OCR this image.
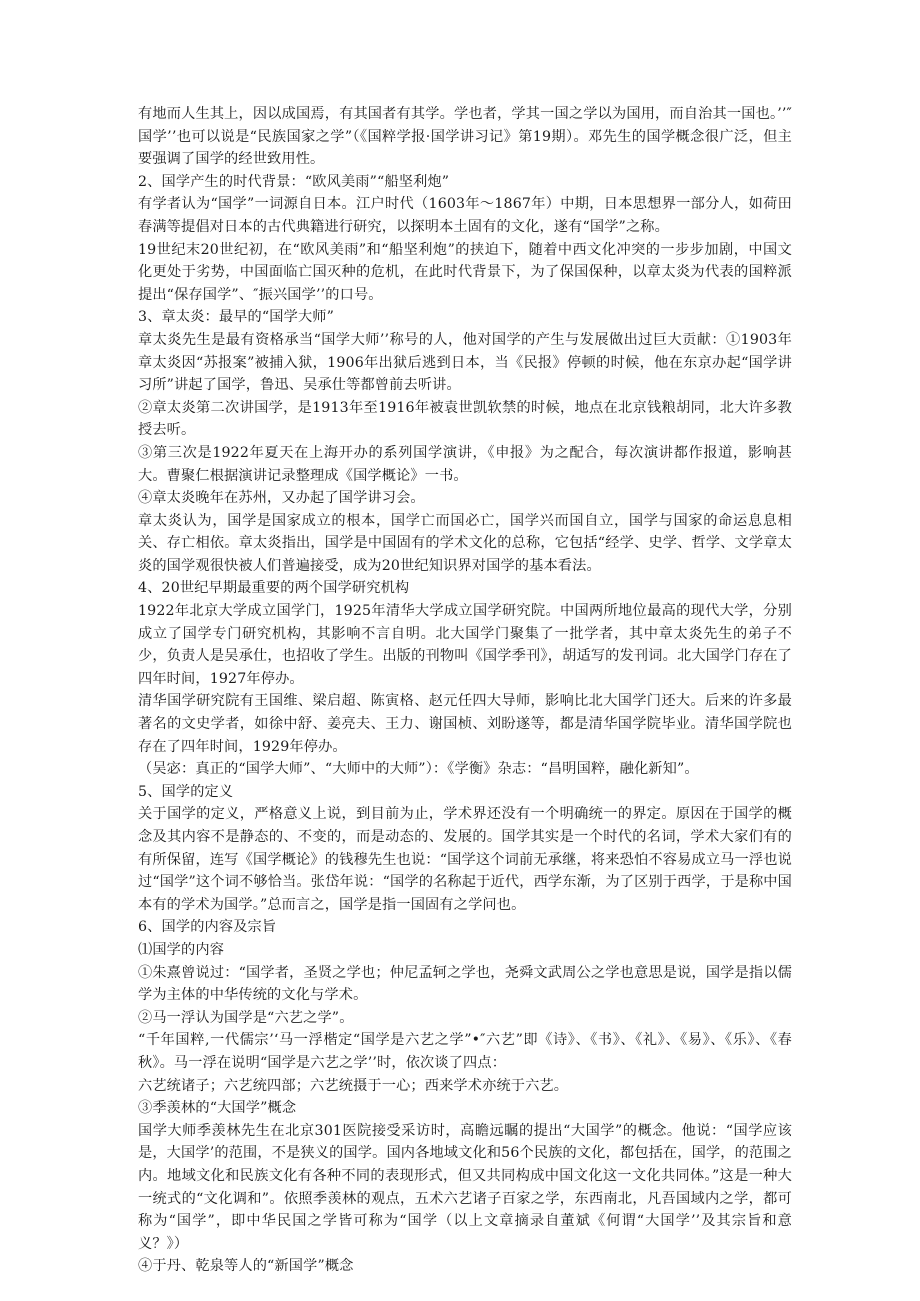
有地而人生其上，因以成国焉，有其国者有其学。学也者，学其一国之学以为国用，而自治其一国也。’’″国学’’也可以说是“民族国家之学”（《国粹学报·国学讲习记》第19期）。邓先生的国学概念很广泛，但主要强调了国学的经世致用性。

2、国学产生的时代背景：“欧风美雨”“船坚利炮”

有学者认为“国学”一词源自日本。江户时代（1603年～1867年）中期，日本思想界一部分人，如荷田春满等提倡对日本的古代典籍进行研究，以探明本土固有的文化，遂有“国学”之称。

19世纪末20世纪初，在“欧风美雨”和“船坚利炮”的挟迫下，随着中西文化冲突的一步步加剧，中国文化更处于劣势，中国面临亡国灭种的危机，在此时代背景下，为了保国保种，以章太炎为代表的国粹派提出“保存国学”、″振兴国学’’的口号。

3、章太炎：最早的“国学大师”

章太炎先生是最有资格承当“国学大师’’称号的人，他对国学的产生与发展做出过巨大贡献：①1903年章太炎因“苏报案”被捕入狱，1906年出狱后逃到日本，当《民报》停顿的时候，他在东京办起“国学讲习所”讲起了国学，鲁迅、吴承仕等都曾前去听讲。

②章太炎第二次讲国学，是1913年至1916年被袁世凯软禁的时候，地点在北京钱粮胡同，北大许多教授去听。

③第三次是1922年夏天在上海开办的系列国学演讲，《申报》为之配合，每次演讲都作报道，影响甚大。曹聚仁根据演讲记录整理成《国学概论》一书。

④章太炎晚年在苏州，又办起了国学讲习会。

章太炎认为，国学是国家成立的根本，国学亡而国必亡，国学兴而国自立，国学与国家的命运息息相关、存亡相依。章太炎指出，国学是中国固有的学术文化的总称，它包括“经学、史学、哲学、文学章太炎的国学观很快被人们普遍接受，成为20世纪知识界对国学的基本看法。

4、20世纪早期最重要的两个国学研究机构

1922年北京大学成立国学门，1925年清华大学成立国学研究院。中国两所地位最高的现代大学，分别成立了国学专门研究机构，其影响不言自明。北大国学门聚集了一批学者，其中章太炎先生的弟子不少，负责人是吴承仕，也招收了学生。出版的刊物叫《国学季刊》，胡适写的发刊词。北大国学门存在了四年时间，1927年停办。

清华国学研究院有王国维、梁启超、陈寅格、赵元任四大导师，影响比北大国学门还大。后来的许多最著名的文史学者，如徐中舒、姜亮夫、王力、谢国桢、刘盼遂等，都是清华国学院毕业。清华国学院也存在了四年时间，1929年停办。

（吴宓：真正的“国学大师”、“大师中的大师”）：《学衡》杂志：“昌明国粹，融化新知”。

5、国学的定义

关于国学的定义，严格意义上说，到目前为止，学术界还没有一个明确统一的界定。原因在于国学的概念及其内容不是静态的、不变的，而是动态的、发展的。国学其实是一个时代的名词，学术大家们有的有所保留，连写《国学概论》的钱穆先生也说：“国学这个词前无承继，将来恐怕不容易成立马一浮也说过“国学”这个词不够恰当。张岱年说：“国学的名称起于近代，西学东渐，为了区别于西学，于是称中国本有的学术为国学。”总而言之，国学是指一国固有之学问也。

6、国学的内容及宗旨

⑴国学的内容

①朱熹曾说过：“国学者，圣贤之学也；仲尼孟轲之学也，尧舜文武周公之学也意思是说，国学是指以儒学为主体的中华传统的文化与学术。

②马一浮认为国学是“六艺之学”。

“千年国粹,一代儒宗’‘马一浮楷定“国学是六艺之学”•″六艺”即《诗》、《书》、《礼》、《易》、《乐》、《春秋》。马一浮在说明“国学是六艺之学’’时，依次谈了四点：

六艺统诸子；六艺统四部；六艺统摄于一心；西来学术亦统于六艺。

③季羡林的“大国学”概念

国学大师季羡林先生在北京301医院接受采访时，高瞻远瞩的提出“大国学”的概念。他说：“国学应该是，大国学’的范围，不是狭义的国学。国内各地域文化和56个民族的文化，都包括在，国学，的范围之内。地域文化和民族文化有各种不同的表现形式，但又共同构成中国文化这一文化共同体。”这是一种大一统式的“文化调和”。依照季羡林的观点，五术六艺诸子百家之学，东西南北，凡吾国域内之学，都可称为“国学”，即中华民国之学皆可称为“国学（以上文章摘录自董斌《何谓“大国学’’及其宗旨和意义？》）

④于丹、乾泉等人的“新国学”概念
